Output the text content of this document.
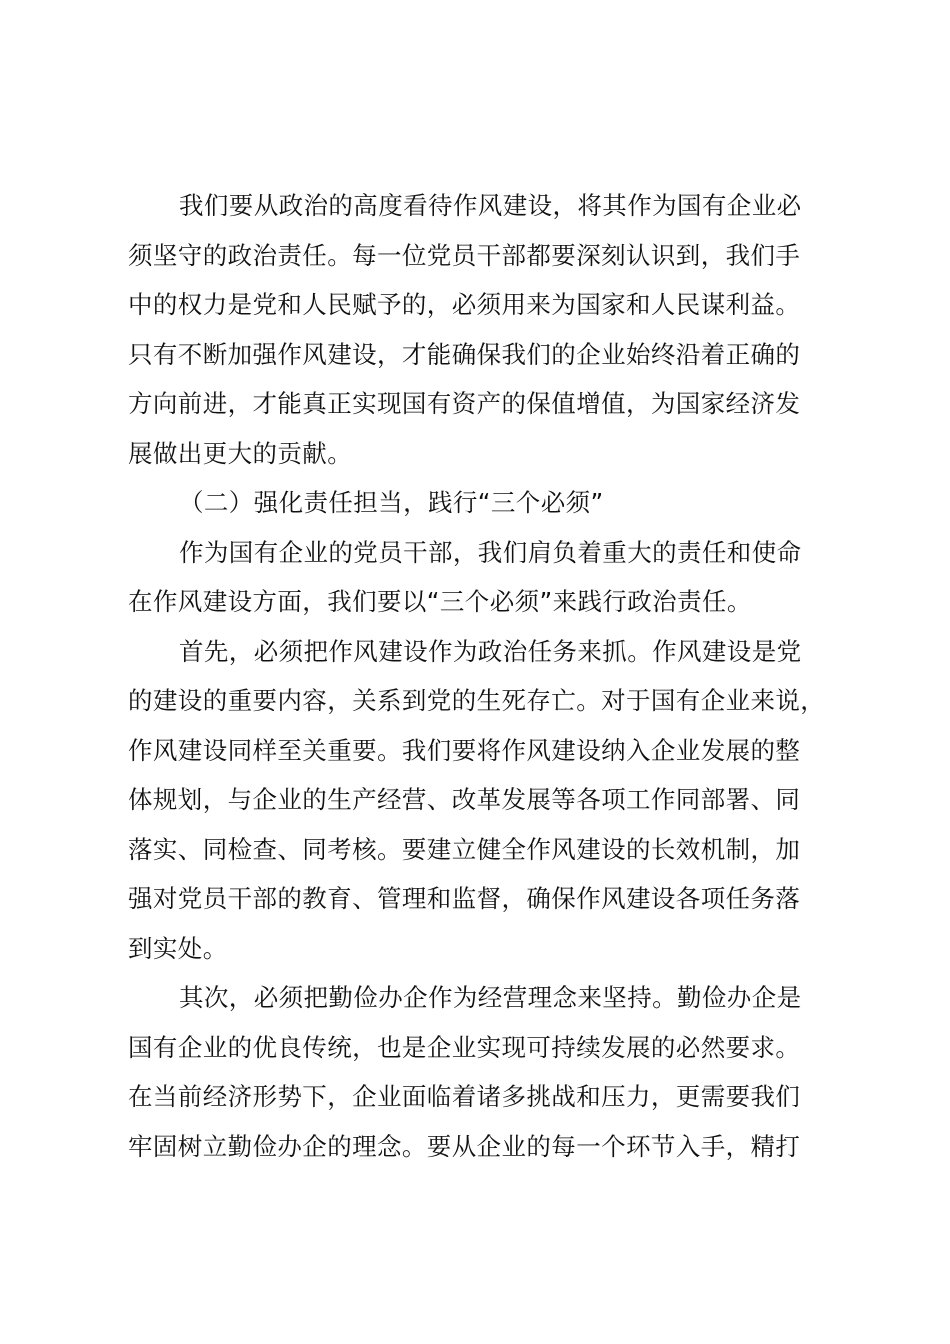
我们要从政治的高度看待作风建设，将其作为国有企业必
须坚守的政治责任。每一位党员干部都要深刻认识到，我们手
中的权力是党和人民赋予的，必须用来为国家和人民谋利益。
只有不断加强作风建设，才能确保我们的企业始终沿着正确的
方向前进，才能真正实现国有资产的保值增值，为国家经济发
展做出更大的贡献。

（二）强化责任担当，践行“三个必须”

作为国有企业的党员干部，我们肩负着重大的责任和使命
在作风建设方面，我们要以“三个必须”来践行政治责任。

首先，必须把作风建设作为政治任务来抓。作风建设是党
的建设的重要内容，关系到党的生死存亡。对于国有企业来说，
作风建设同样至关重要。我们要将作风建设纳入企业发展的整
体规划，与企业的生产经营、改革发展等各项工作同部署、同
落实、同检查、同考核。要建立健全作风建设的长效机制，加
强对党员干部的教育、管理和监督，确保作风建设各项任务落
到实处。

其次，必须把勤俭办企作为经营理念来坚持。勤俭办企是
国有企业的优良传统，也是企业实现可持续发展的必然要求。
在当前经济形势下，企业面临着诸多挑战和压力，更需要我们
牢固树立勤俭办企的理念。要从企业的每一个环节入手，精打
